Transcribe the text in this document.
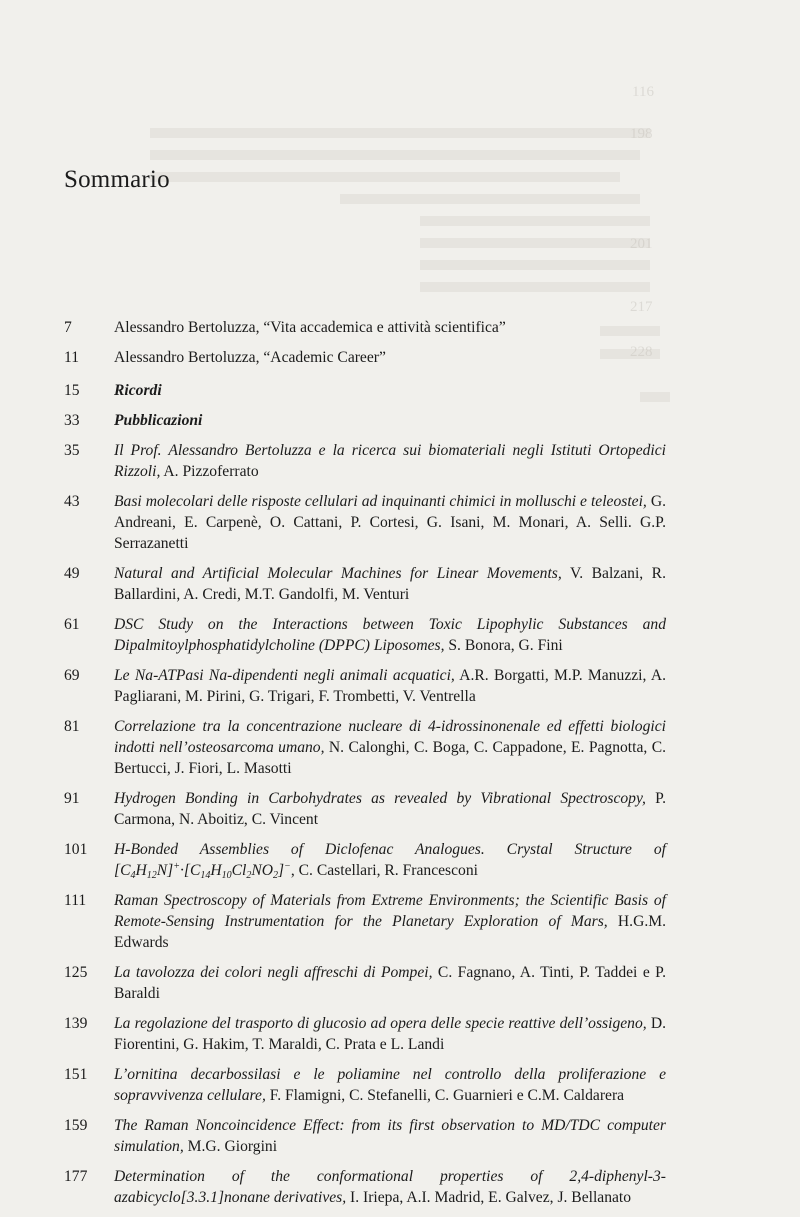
116
198
201
217
228
Sommario
7	Alessandro Bertoluzza, “Vita accademica e attività scientifica”
11 Alessandro Bertoluzza, “Academic Career”
15 Ricordi
33 Pubblicazioni
35 Il Prof. Alessandro Bertoluzza e la ricerca sui biomateriali negli Istituti Ortopedici Rizzoli, A. Pizzoferrato
43 Basi molecolari delle risposte cellulari ad inquinanti chimici in molluschi e teleostei, G. Andreani, E. Carpenè, O. Cattani, P. Cortesi, G. Isani, M. Monari, A. Selli. G.P. Serrazanetti
49 Natural and Artificial Molecular Machines for Linear Movements, V. Balzani, R. Ballardini, A. Credi, M.T. Gandolfi, M. Venturi
61 DSC Study on the Interactions between Toxic Lipophylic Substances and Dipalmitoylphosphatidylcholine (DPPC) Liposomes, S. Bonora, G. Fini
69 Le Na-ATPasi Na-dipendenti negli animali acquatici, A.R. Borgatti, M.P. Manuzzi, A. Pagliarani, M. Pirini, G. Trigari, F. Trombetti, V. Ventrella
81 Correlazione tra la concentrazione nucleare di 4-idrossinonenale ed effetti biologici indotti nell’osteosarcoma umano, N. Calonghi, C. Boga, C. Cappadone, E. Pagnotta, C. Bertucci, J. Fiori, L. Masotti
91 Hydrogen Bonding in Carbohydrates as revealed by Vibrational Spectroscopy, P. Carmona, N. Aboitiz, C. Vincent
101 H-Bonded Assemblies of Diclofenac Analogues. Crystal Structure of $[C_4H_{12}N]^+\cdot[C_{14}H_{10}Cl_2NO_2]^-$, C. Castellari, R. Francesconi
111 Raman Spectroscopy of Materials from Extreme Environments; the Scientific Basis of Remote-Sensing Instrumentation for the Planetary Exploration of Mars, H.G.M. Edwards
125 La tavolozza dei colori negli affreschi di Pompei, C. Fagnano, A. Tinti, P. Taddei e P. Baraldi
139 La regolazione del trasporto di glucosio ad opera delle specie reattive dell’ossigeno, D. Fiorentini, G. Hakim, T. Maraldi, C. Prata e L. Landi
151 L’ornitina decarbossilasi e le poliamine nel controllo della proliferazione e sopravvivenza cellulare, F. Flamigni, C. Stefanelli, C. Guarnieri e C.M. Caldarera
159 The Raman Noncoincidence Effect: from its first observation to MD/TDC computer simulation, M.G. Giorgini
177 Determination of the conformational properties of 2,4-diphenyl-3-azabicyclo[3.3.1]nonane derivatives, I. Iriepa, A.I. Madrid, E. Galvez, J. Bellanato
